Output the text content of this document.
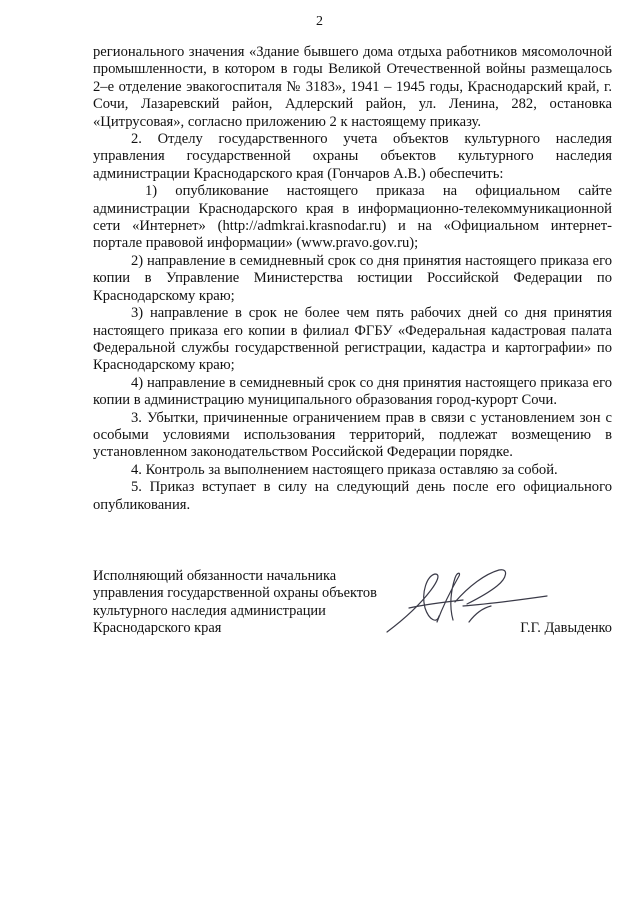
2

регионального значения «Здание бывшего дома отдыха работников мясомолочной промышленности, в котором в годы Великой Отечественной войны размещалось 2–е отделение эвакогоспиталя № 3183», 1941 – 1945 годы, Краснодарский край, г. Сочи, Лазаревский район, Адлерский район, ул. Ленина, 282, остановка «Цитрусовая», согласно приложению 2 к настоящему приказу.

2. Отделу государственного учета объектов культурного наследия управления государственной охраны объектов культурного наследия администрации Краснодарского края (Гончаров А.В.) обеспечить:

1) опубликование настоящего приказа на официальном сайте администрации Краснодарского края в информационно-телекоммуникационной сети «Интернет» (http://admkrai.krasnodar.ru) и на «Официальном интернет-портале правовой информации» (www.pravo.gov.ru);

2) направление в семидневный срок со дня принятия настоящего приказа его копии в Управление Министерства юстиции Российской Федерации по Краснодарскому краю;

3) направление в срок не более чем пять рабочих дней со дня принятия настоящего приказа его копии в филиал ФГБУ «Федеральная кадастровая палата Федеральной службы государственной регистрации, кадастра и картографии» по Краснодарскому краю;

4) направление в семидневный срок со дня принятия настоящего приказа его копии в администрацию муниципального образования город-курорт Сочи.

3. Убытки, причиненные ограничением прав в связи с установлением зон с особыми условиями использования территорий, подлежат возмещению в установленном законодательством Российской Федерации порядке.

4. Контроль за выполнением настоящего приказа оставляю за собой.

5. Приказ вступает в силу на следующий день после его официального опубликования.

Исполняющий обязанности начальника
управления государственной охраны объектов
культурного наследия администрации
Краснодарского края	Г.Г. Давыденко
